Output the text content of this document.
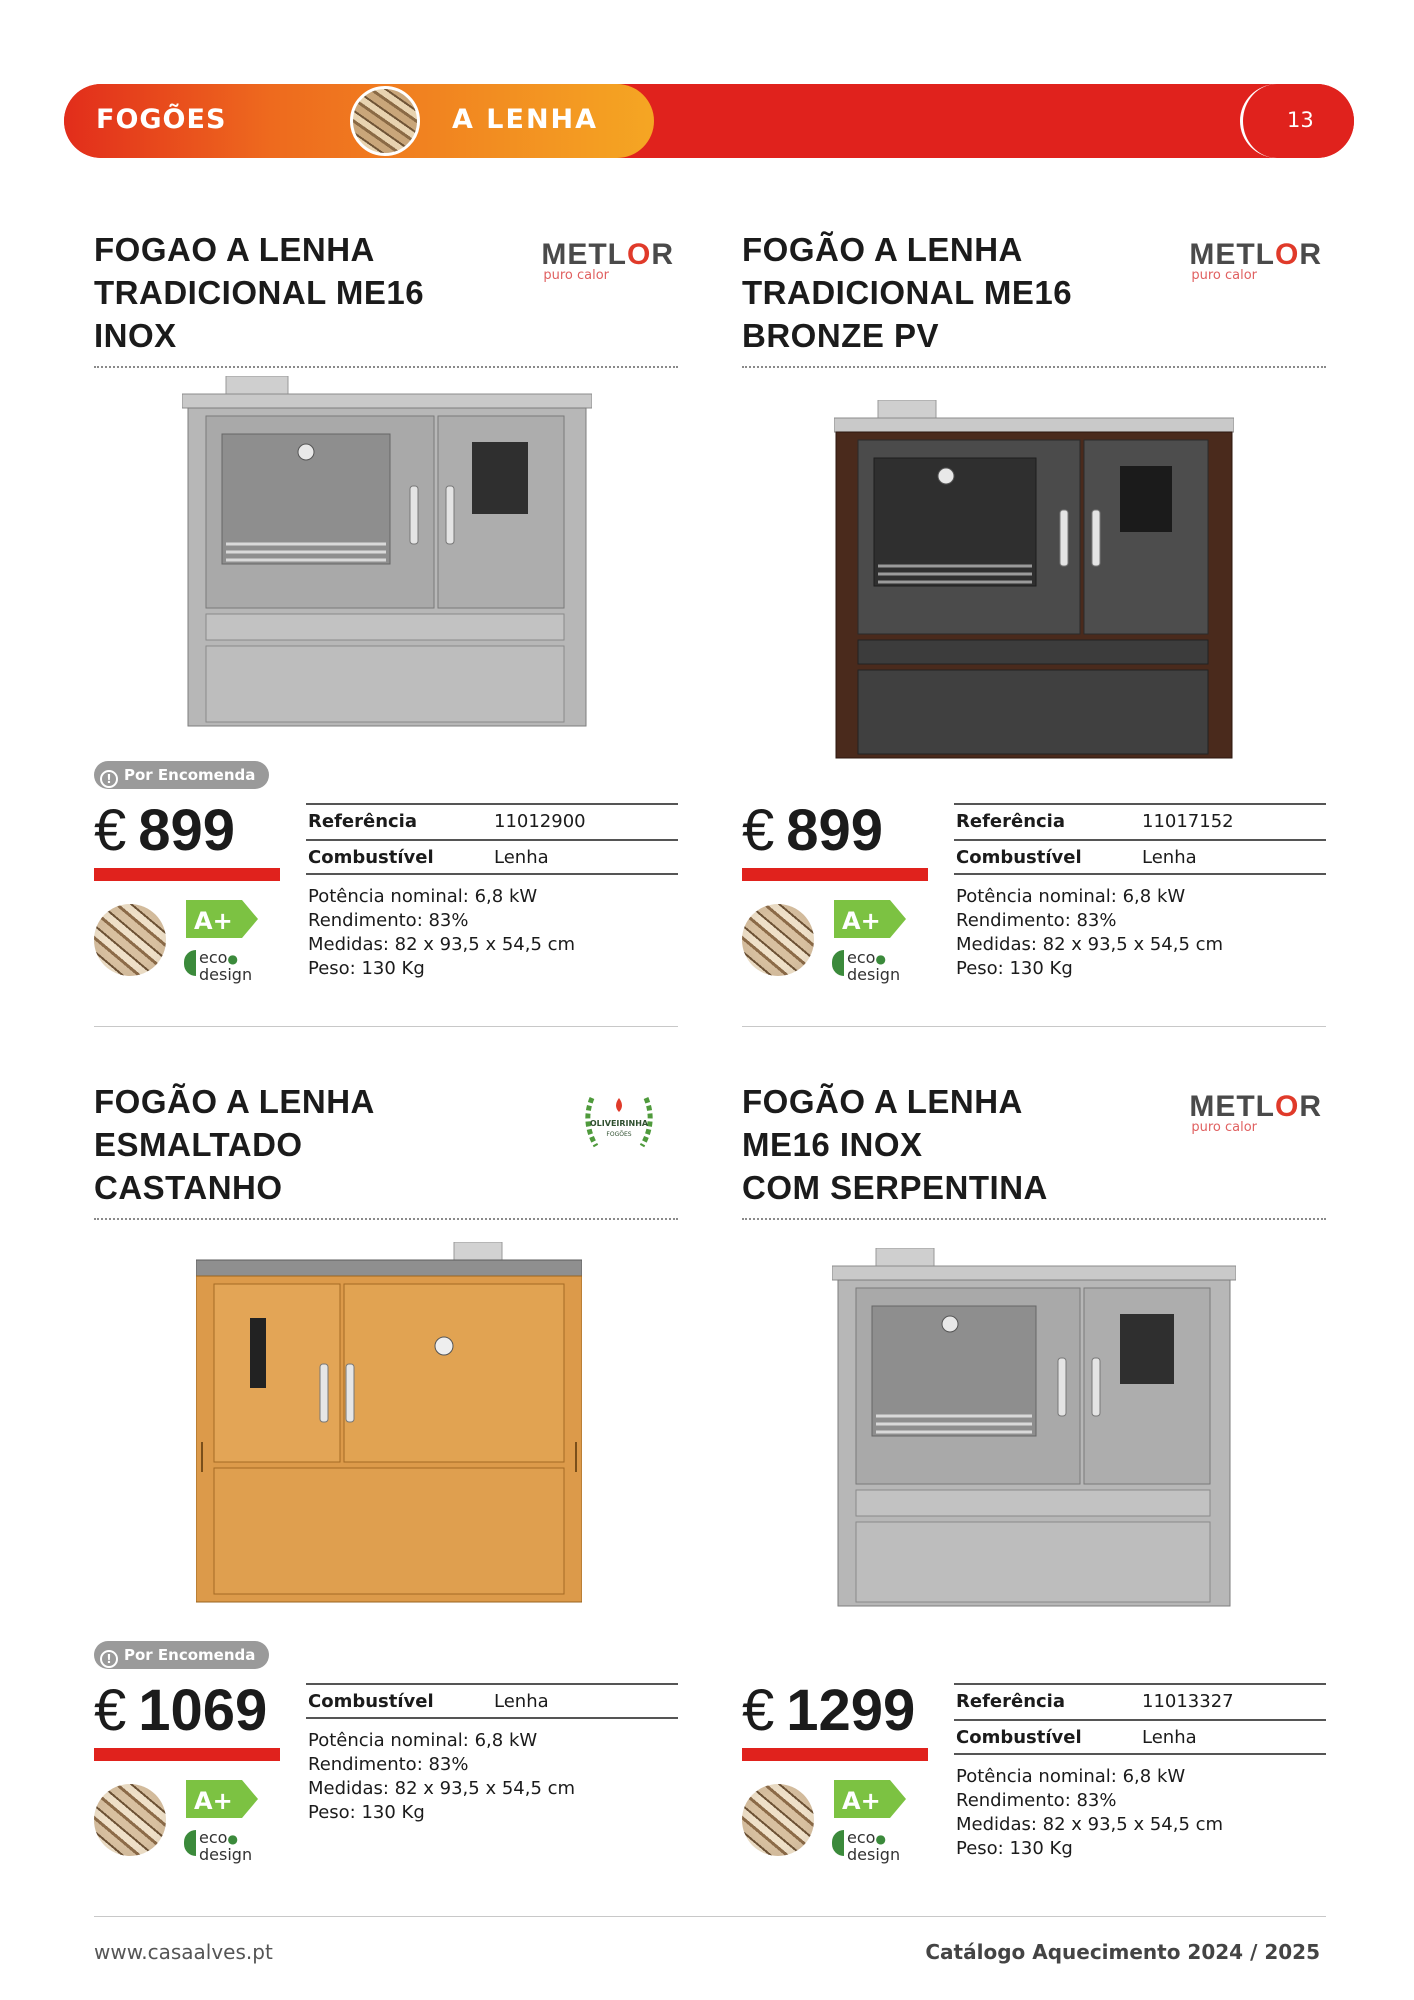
FOGÕES	A LENHA	13
FOGAO A LENHA
TRADICIONAL ME16
INOX
METLOR
puro calor
! Por Encomenda
€ 899
A+
eco●
design
Referência	11012900
Combustível	Lenha
Potência nominal: 6,8 kW
Rendimento: 83%
Medidas: 82 x 93,5 x 54,5 cm
Peso: 130 Kg
FOGÃO A LENHA
TRADICIONAL ME16
BRONZE PV
METLOR
puro calor
€ 899
A+
eco●
design
Referência	11017152
Combustível	Lenha
Potência nominal: 6,8 kW
Rendimento: 83%
Medidas: 82 x 93,5 x 54,5 cm
Peso: 130 Kg
FOGÃO A LENHA
ESMALTADO
CASTANHO
OLIVEIRINHA
FOGÕES
! Por Encomenda
€ 1069
A+
eco●
design
Combustível	Lenha
Potência nominal: 6,8 kW
Rendimento: 83%
Medidas: 82 x 93,5 x 54,5 cm
Peso: 130 Kg
FOGÃO A LENHA
ME16 INOX
COM SERPENTINA
METLOR
puro calor
€ 1299
A+
eco●
design
Referência	11013327
Combustível	Lenha
Potência nominal: 6,8 kW
Rendimento: 83%
Medidas: 82 x 93,5 x 54,5 cm
Peso: 130 Kg
www.casaalves.pt	Catálogo Aquecimento 2024 / 2025
